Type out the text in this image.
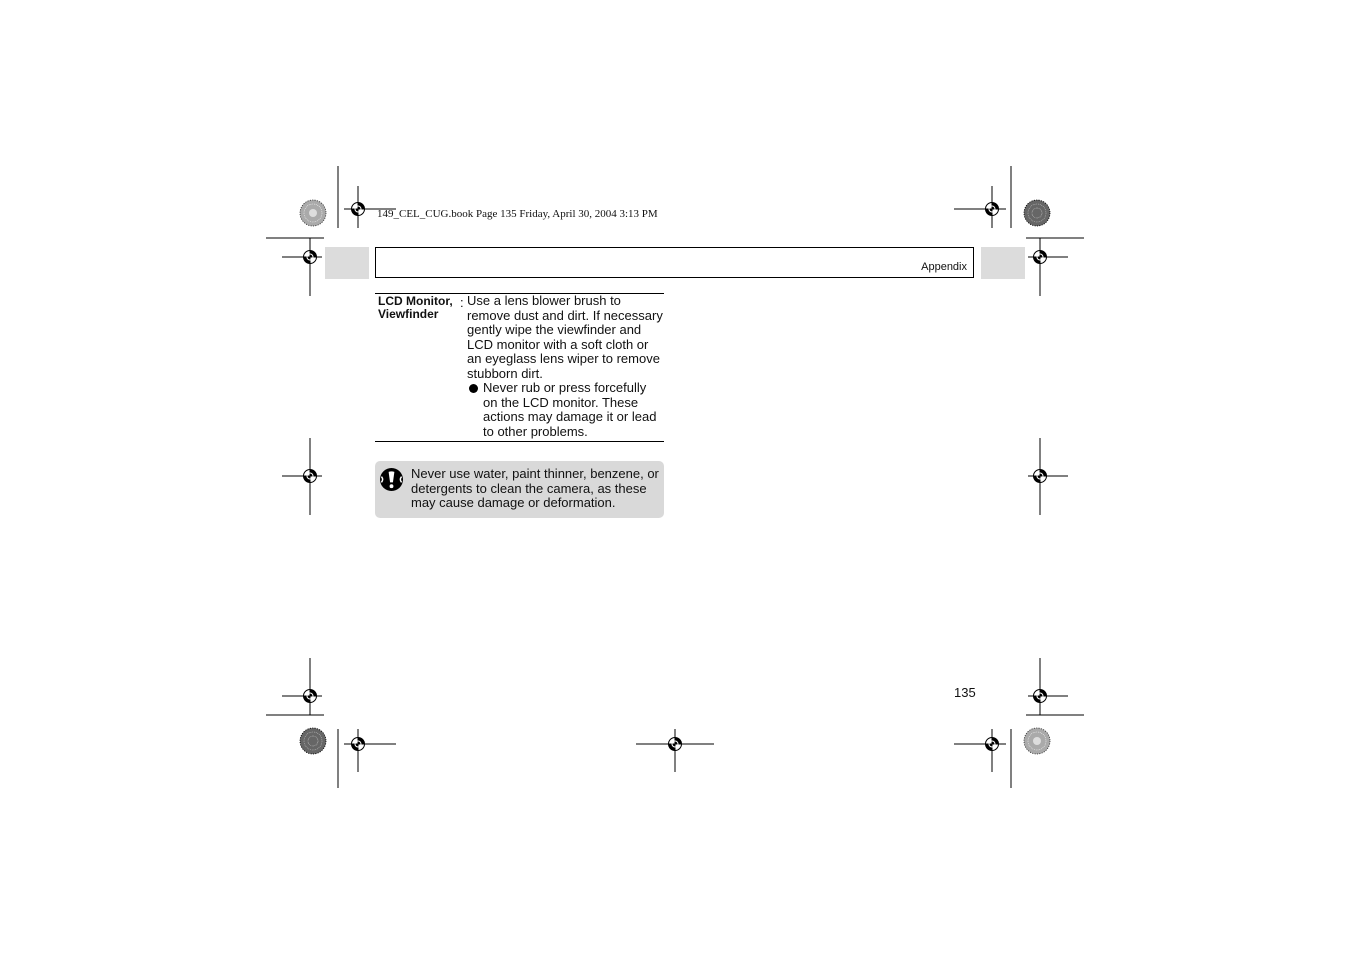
149_CEL_CUG.book Page 135 Friday, April 30, 2004 3:13 PM
Appendix
LCD Monitor,
Viewfinder
: Use a lens blower brush to remove dust and dirt. If necessary gently wipe the viewfinder and LCD monitor with a soft cloth or an eyeglass lens wiper to remove stubborn dirt.
Never rub or press forcefully on the LCD monitor. These actions may damage it or lead to other problems.
Never use water, paint thinner, benzene, or detergents to clean the camera, as these may cause damage or deformation.
135
